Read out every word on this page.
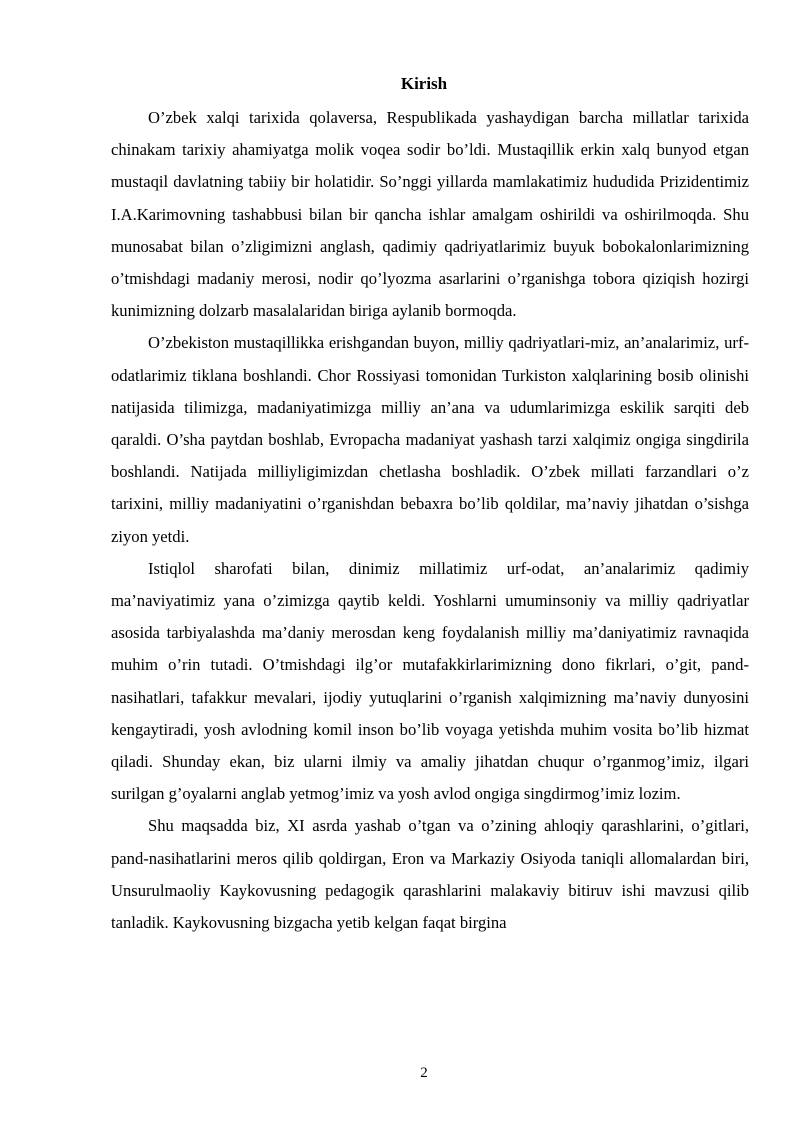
Kirish

O’zbek xalqi tarixida qolaversa, Respublikada yashaydigan barcha millatlar tarixida chinakam tarixiy ahamiyatga molik voqea sodir bo’ldi. Mustaqillik erkin xalq bunyod etgan mustaqil davlatning tabiiy bir holatidir. So’nggi yillarda mamlakatimiz hududida Prizidentimiz I.A.Karimovning tashabbusi bilan bir qancha ishlar amalgam oshirildi va oshirilmoqda. Shu munosabat bilan o’zligimizni anglash, qadimiy qadriyatlarimiz buyuk bobokalonlarimizning o’tmishdagi madaniy merosi, nodir qo’lyozma asarlarini o’rganishga tobora qiziqish hozirgi kunimizning dolzarb masalalaridan biriga aylanib bormoqda.

O’zbekiston mustaqillikka erishgandan buyon, milliy qadriyatlari-miz, an’analarimiz, urf-odatlarimiz tiklana boshlandi. Chor Rossiyasi tomonidan Turkiston xalqlarining bosib olinishi natijasida tilimizga, madaniyatimizga milliy an’ana va udumlarimizga eskilik sarqiti deb qaraldi. O’sha paytdan boshlab, Evropacha madaniyat yashash tarzi xalqimiz ongiga singdirila boshlandi. Natijada milliyligimizdan chetlasha boshladik. O’zbek millati farzandlari o’z tarixini, milliy madaniyatini o’rganishdan bebaxra bo’lib qoldilar, ma’naviy jihatdan o’sishga ziyon yetdi.

Istiqlol sharofati bilan, dinimiz millatimiz urf-odat, an’analarimiz qadimiy ma’naviyatimiz yana o’zimizga qaytib keldi. Yoshlarni umuminsoniy va milliy qadriyatlar asosida tarbiyalashda ma’daniy merosdan keng foydalanish milliy ma’daniyatimiz ravnaqida muhim o’rin tutadi. O’tmishdagi ilg’or mutafakkirlarimizning dono fikrlari, o’git, pand-nasihatlari, tafakkur mevalari, ijodiy yutuqlarini o’rganish xalqimizning ma’naviy dunyosini kengaytiradi, yosh avlodning komil inson bo’lib voyaga yetishda muhim vosita bo’lib hizmat qiladi. Shunday ekan, biz ularni ilmiy va amaliy jihatdan chuqur o’rganmog’imiz, ilgari surilgan g’oyalarni anglab yetmog’imiz va yosh avlod ongiga singdirmog’imiz lozim.

Shu maqsadda biz, XI asrda yashab o’tgan va o’zining ahloqiy qarashlarini, o’gitlari, pand-nasihatlarini meros qilib qoldirgan, Eron va Markaziy Osiyoda taniqli allomalardan biri, Unsurulmaoliy Kaykovusning pedagogik qarashlarini malakaviy bitiruv ishi mavzusi qilib tanladik. Kaykovusning bizgacha yetib kelgan faqat birgina

2
